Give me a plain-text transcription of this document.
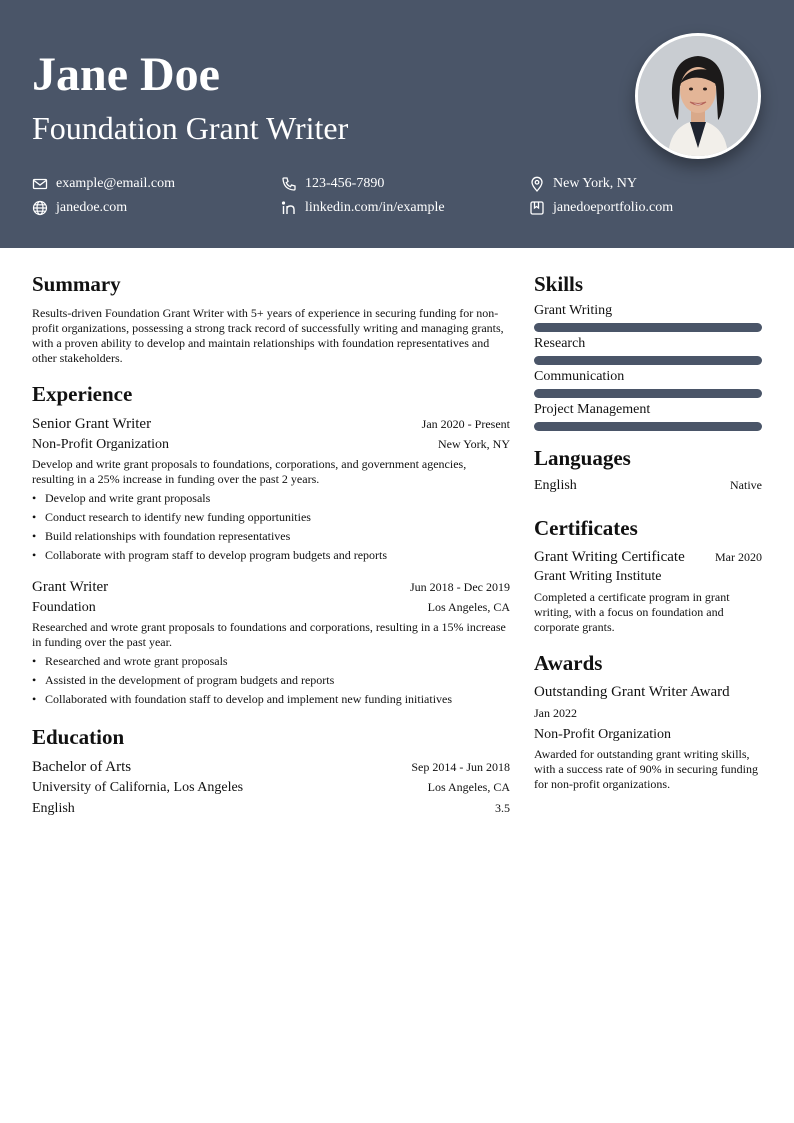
Jane Doe
Foundation Grant Writer
example@email.com	123-456-7890	New York, NY
janedoe.com	linkedin.com/in/example	janedoeportfolio.com
Summary

Results-driven Foundation Grant Writer with 5+ years of experience in securing funding for non-profit organizations, possessing a strong track record of successfully writing and managing grants, with a proven ability to develop and maintain relationships with foundation representatives and other stakeholders.

Experience
Senior Grant Writer	Jan 2020 - Present
Non-Profit Organization	New York, NY

Develop and write grant proposals to foundations, corporations, and government agencies, resulting in a 25% increase in funding over the past 2 years.

• Develop and write grant proposals
• Conduct research to identify new funding opportunities
• Build relationships with foundation representatives
• Collaborate with program staff to develop program budgets and reports
Grant Writer	Jun 2018 - Dec 2019
Foundation	Los Angeles, CA

Researched and wrote grant proposals to foundations and corporations, resulting in a 15% increase in funding over the past year.

• Researched and wrote grant proposals
• Assisted in the development of program budgets and reports
• Collaborated with foundation staff to develop and implement new funding initiatives
Education
Bachelor of Arts	Sep 2014 - Jun 2018
University of California, Los Angeles	Los Angeles, CA
English	3.5
Skills
Grant Writing
Research
Communication
Project Management
Languages
English	Native
Certificates
Grant Writing Certificate	Mar 2020
Grant Writing Institute

Completed a certificate program in grant writing, with a focus on foundation and corporate grants.

Awards
Outstanding Grant Writer Award
Jan 2022
Non-Profit Organization

Awarded for outstanding grant writing skills, with a success rate of 90% in securing funding for non-profit organizations.
